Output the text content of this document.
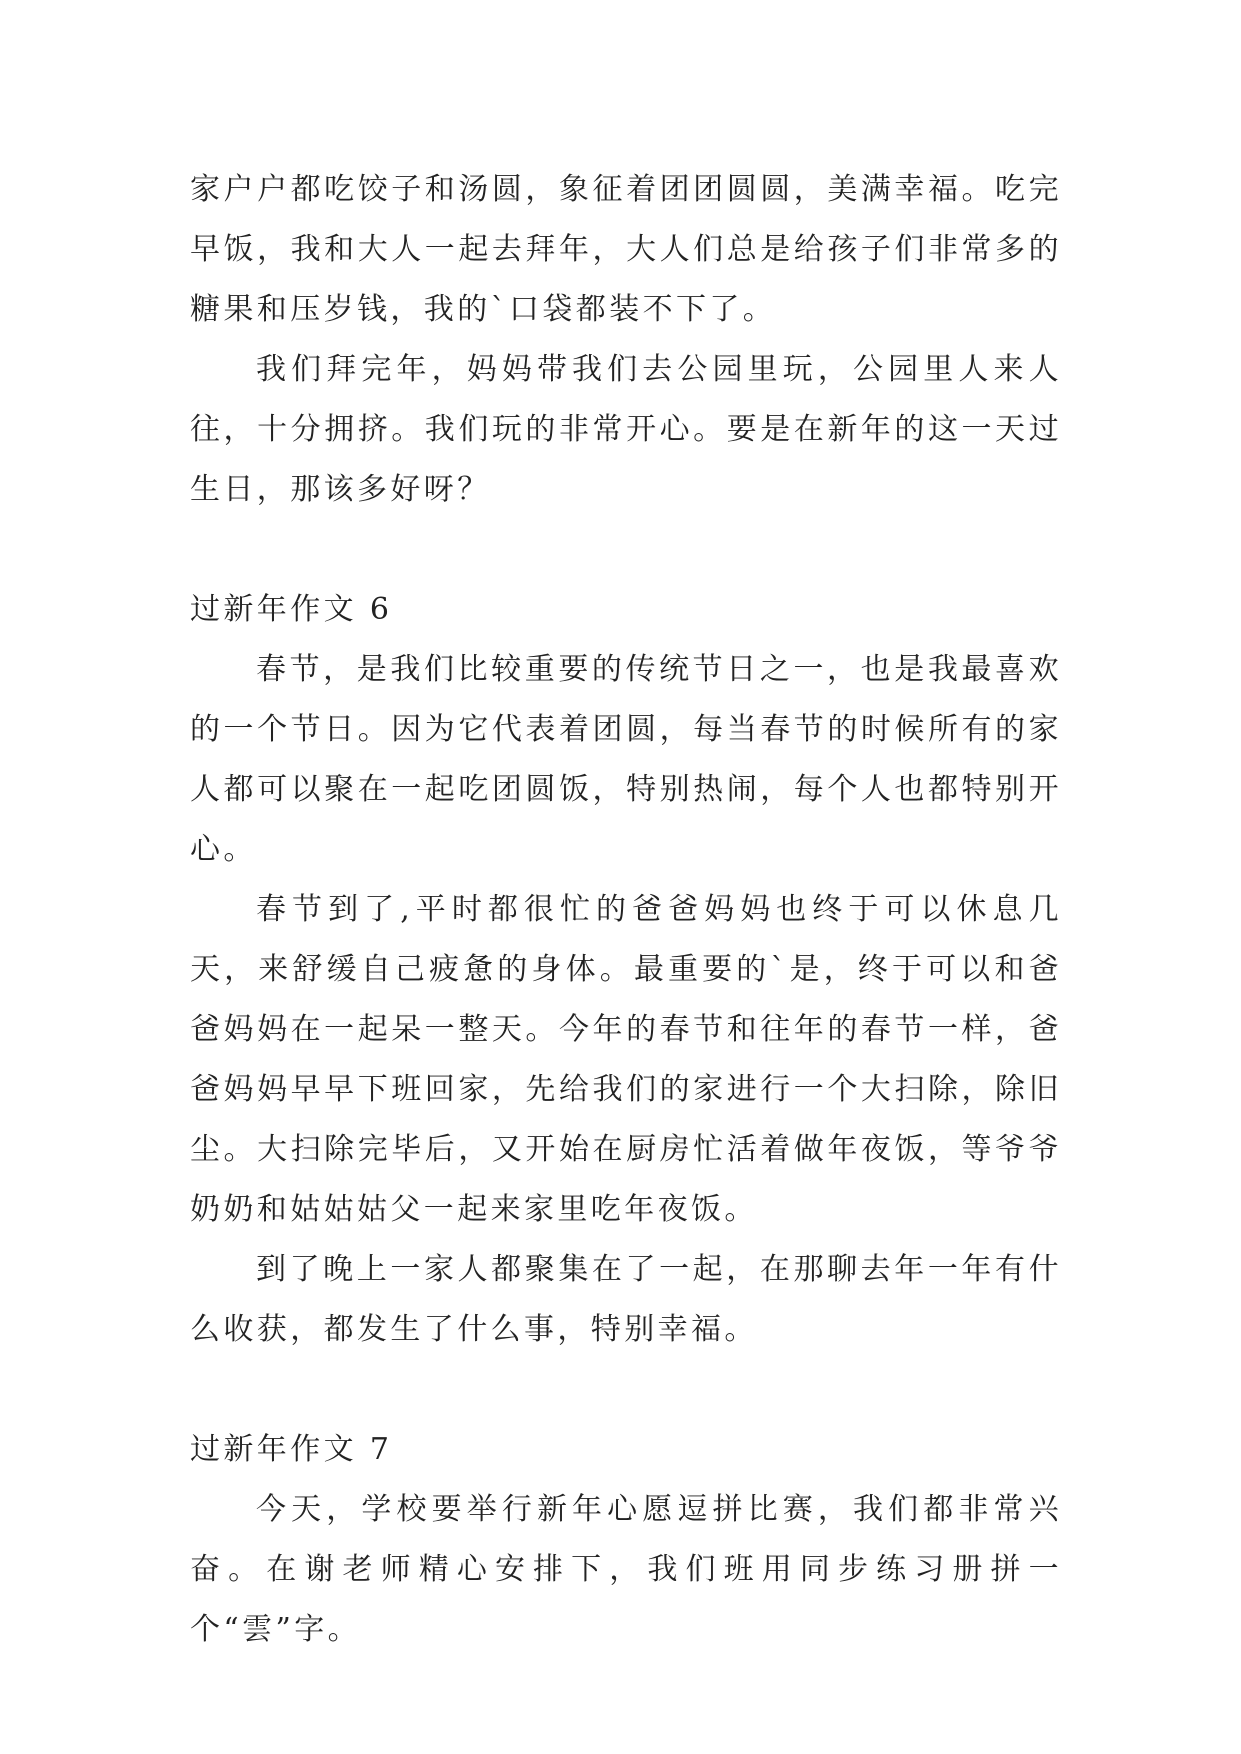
家户户都吃饺子和汤圆，象征着团团圆圆，美满幸福。吃完早饭，我和大人一起去拜年，大人们总是给孩子们非常多的糖果和压岁钱，我的`口袋都装不下了。

我们拜完年，妈妈带我们去公园里玩，公园里人来人往，十分拥挤。我们玩的非常开心。要是在新年的这一天过生日，那该多好呀？

过新年作文 6

春节，是我们比较重要的传统节日之一，也是我最喜欢的一个节日。因为它代表着团圆，每当春节的时候所有的家人都可以聚在一起吃团圆饭，特别热闹，每个人也都特别开心。

春节到了,平时都很忙的爸爸妈妈也终于可以休息几天，来舒缓自己疲惫的身体。最重要的`是，终于可以和爸爸妈妈在一起呆一整天。今年的春节和往年的春节一样，爸爸妈妈早早下班回家，先给我们的家进行一个大扫除，除旧尘。大扫除完毕后，又开始在厨房忙活着做年夜饭，等爷爷奶奶和姑姑姑父一起来家里吃年夜饭。

到了晚上一家人都聚集在了一起，在那聊去年一年有什么收获，都发生了什么事，特别幸福。

过新年作文 7

今天，学校要举行新年心愿逗拼比赛，我们都非常兴奋。在谢老师精心安排下，我们班用同步练习册拼一个“雲”字。
